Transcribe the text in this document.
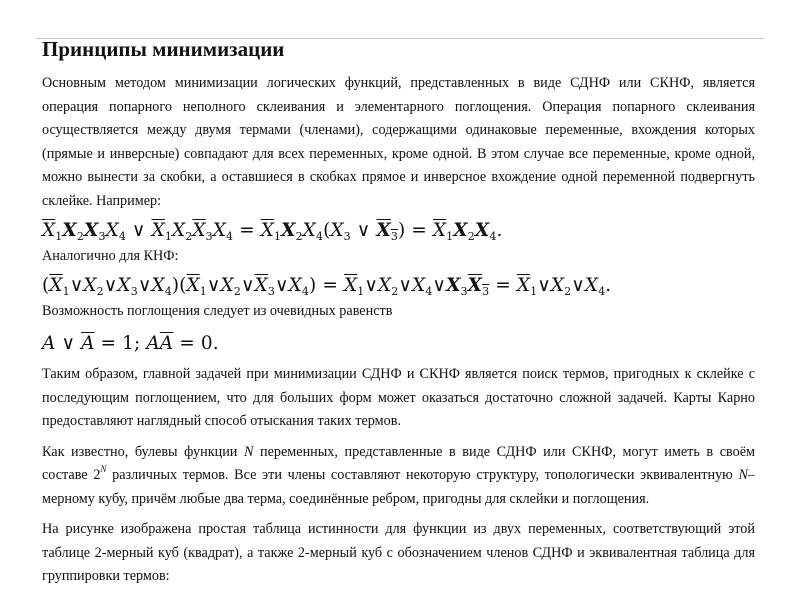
Принципы минимизации

Основным методом минимизации логических функций, представленных в виде СДНФ или СКНФ, является операция попарного неполного склеивания и элементарного поглощения. Операция попарного склеивания осуществляется между двумя термами (членами), содержащими одинаковые переменные, вхождения которых (прямые и инверсные) совпадают для всех переменных, кроме одной. В этом случае все переменные, кроме одной, можно вынести за скобки, а оставшиеся в скобках прямое и инверсное вхождение одной переменной подвергнуть склейке. Например:

$\overline{X}_1X_2X_3X_4$ ∨ $\overline{X}_1X_2\overline{X}_3X_4 = \overline{X}_1X_2X_4(X_3$ ∨ $X_3) = \overline{X}_1X_2X_4$.

Аналогично для КНФ:

$(\overline{X}_1\vee X_2\vee X_3\vee X_4)(\overline{X}_1\vee X_2\vee\overline{X}_3\vee X_4)$ = $\overline{X}_1\vee X_2\vee X_4\vee X_3X_3$ = $\overline{X}_1\vee X_2\vee X_4$.

Возможность поглощения следует из очевидных равенств

A ∨ $\overline{A} = 1$; $A\overline{A} = 0$.

Таким образом, главной задачей при минимизации СДНФ и СКНФ является поиск термов, пригодных к склейке с последующим поглощением, что для больших форм может оказаться достаточно сложной задачей. Карты Карно предоставляют наглядный способ отыскания таких термов.

Как известно, булевы функции N переменных, представленные в виде СДНФ или СКНФ, могут иметь в своём составе $2^N$ различных термов. Все эти члены составляют некоторую структуру, топологически эквивалентную N–мерному кубу, причём любые два терма, соединённые ребром, пригодны для склейки и поглощения.

На рисунке изображена простая таблица истинности для функции из двух переменных, соответствующий этой таблице 2-мерный куб (квадрат), а также 2-мерный куб с обозначением членов СДНФ и эквивалентная таблица для группировки термов:
